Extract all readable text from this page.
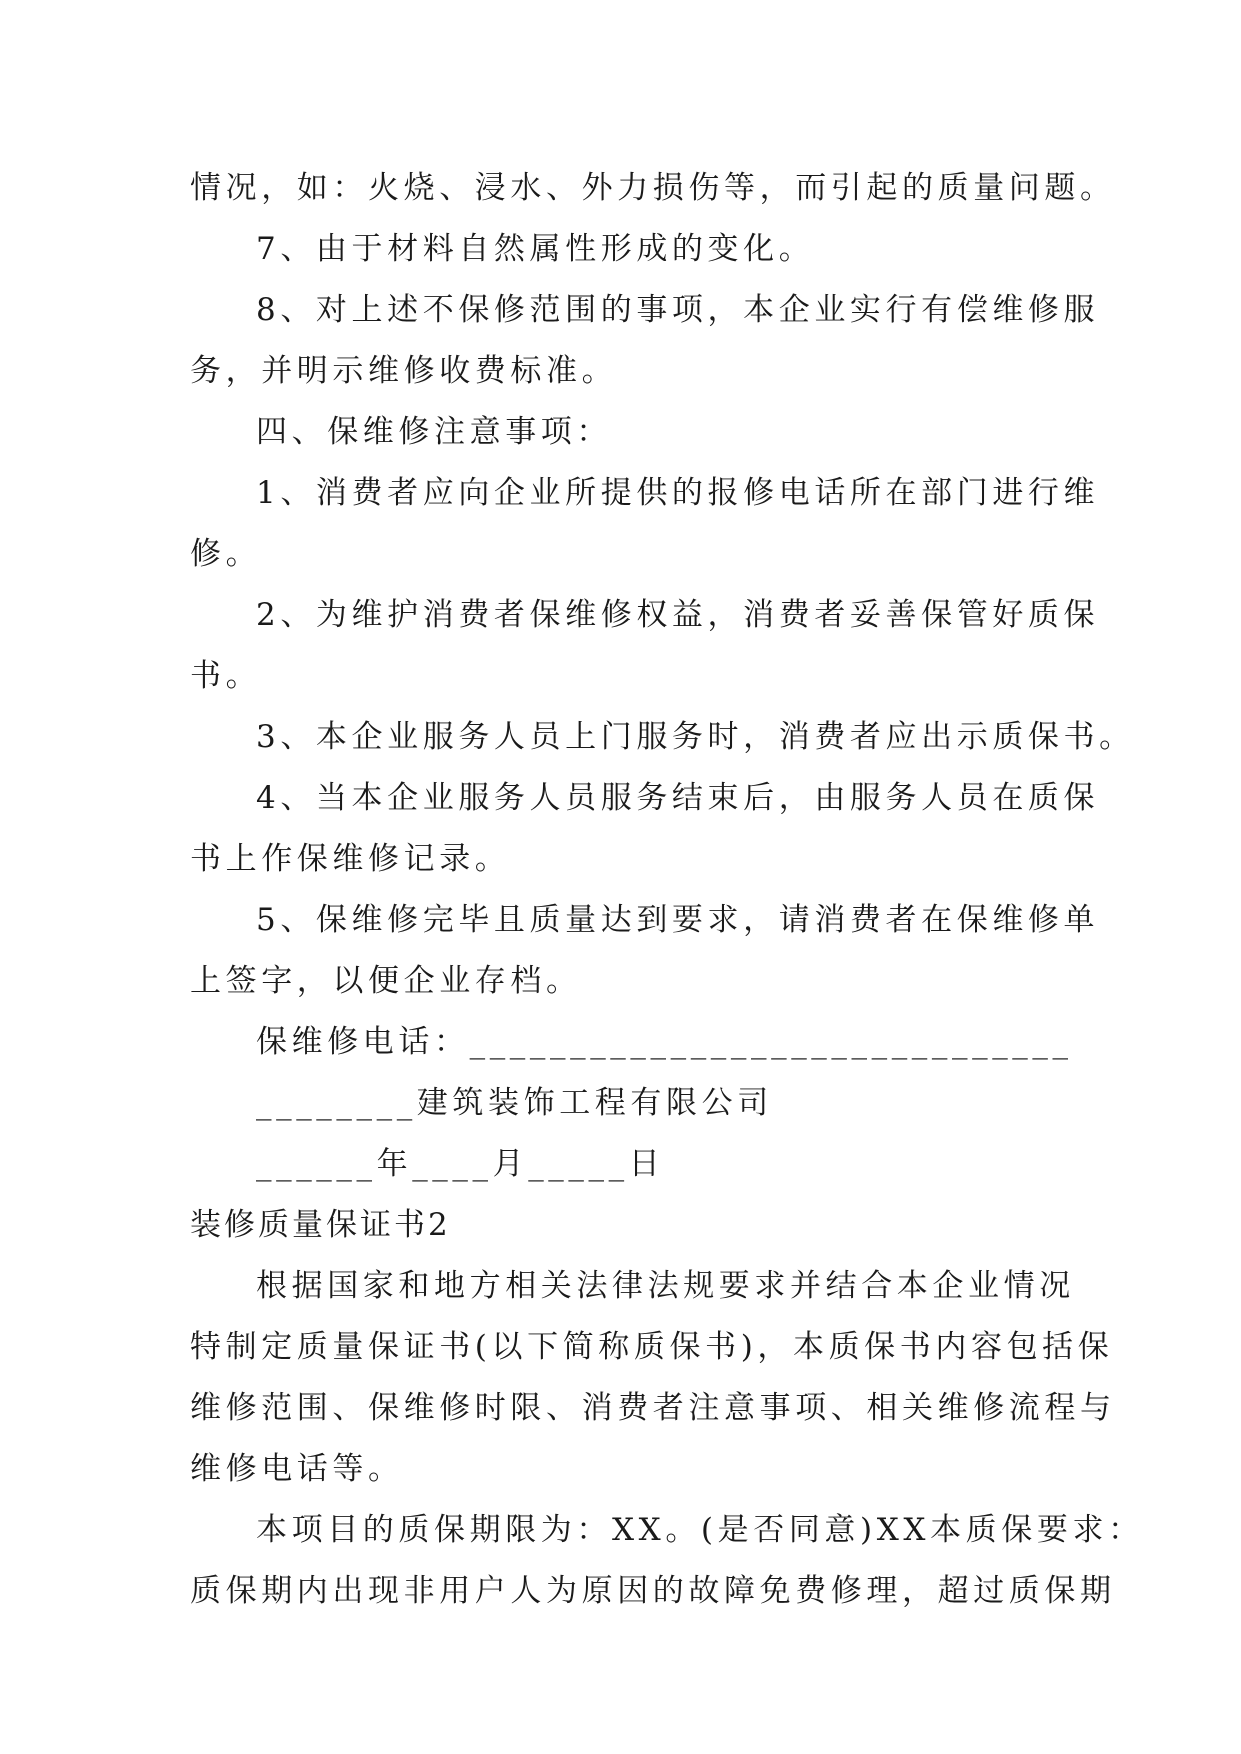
情况，如：火烧、浸水、外力损伤等，而引起的质量问题。
7、由于材料自然属性形成的变化。
8、对上述不保修范围的事项，本企业实行有偿维修服
务，并明示维修收费标准。
四、保维修注意事项：
1、消费者应向企业所提供的报修电话所在部门进行维
修。
2、为维护消费者保维修权益，消费者妥善保管好质保
书。
3、本企业服务人员上门服务时，消费者应出示质保书。
4、当本企业服务人员服务结束后，由服务人员在质保
书上作保维修记录。
5、保维修完毕且质量达到要求，请消费者在保维修单
上签字，以便企业存档。
保维修电话：______________________________
________建筑装饰工程有限公司
______年____月_____日
装修质量保证书2
根据国家和地方相关法律法规要求并结合本企业情况
特制定质量保证书(以下简称质保书)，本质保书内容包括保
维修范围、保维修时限、消费者注意事项、相关维修流程与
维修电话等。
本项目的质保期限为：XX。(是否同意)XX本质保要求：
质保期内出现非用户人为原因的故障免费修理，超过质保期
